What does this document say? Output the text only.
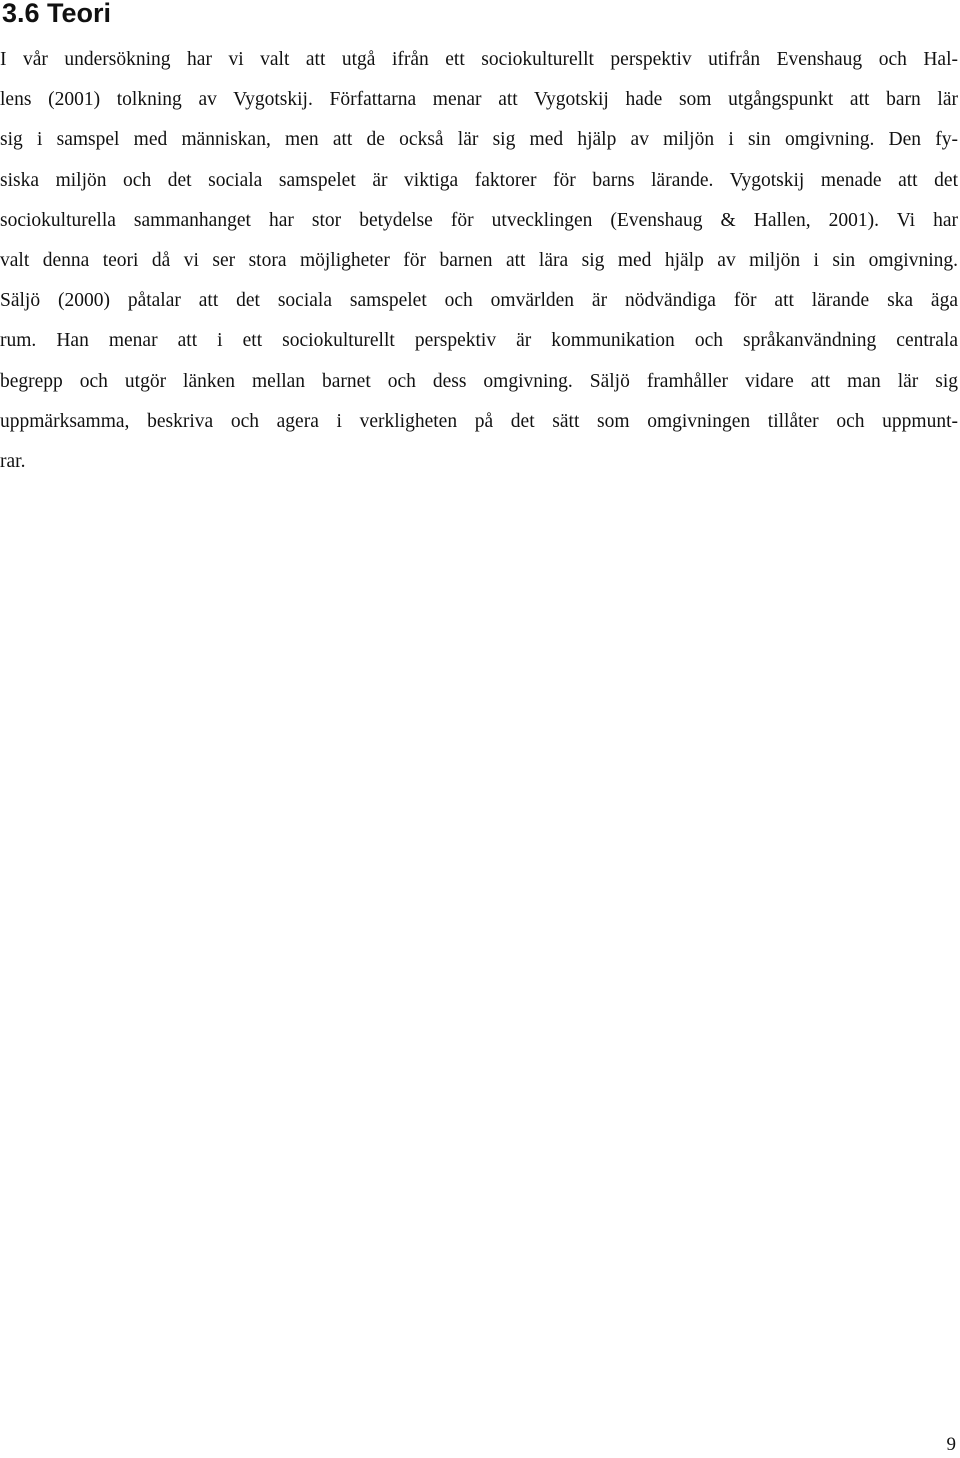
3.6 Teori
I vår undersökning har vi valt att utgå ifrån ett sociokulturellt perspektiv utifrån Evenshaug och Hal-
lens (2001) tolkning av Vygotskij. Författarna menar att Vygotskij hade som utgångspunkt att barn lär
sig i samspel med människan, men att de också lär sig med hjälp av miljön i sin omgivning. Den fy-
siska miljön och det sociala samspelet är viktiga faktorer för barns lärande. Vygotskij menade att det
sociokulturella sammanhanget har stor betydelse för utvecklingen (Evenshaug & Hallen, 2001). Vi har
valt denna teori då vi ser stora möjligheter för barnen att lära sig med hjälp av miljön i sin omgivning.
Säljö (2000) påtalar att det sociala samspelet och omvärlden är nödvändiga för att lärande ska äga
rum. Han menar att i ett sociokulturellt perspektiv är kommunikation och språkanvändning centrala
begrepp och utgör länken mellan barnet och dess omgivning. Säljö framhåller vidare att man lär sig
uppmärksamma, beskriva och agera i verkligheten på det sätt som omgivningen tillåter och uppmunt-
rar.
9
